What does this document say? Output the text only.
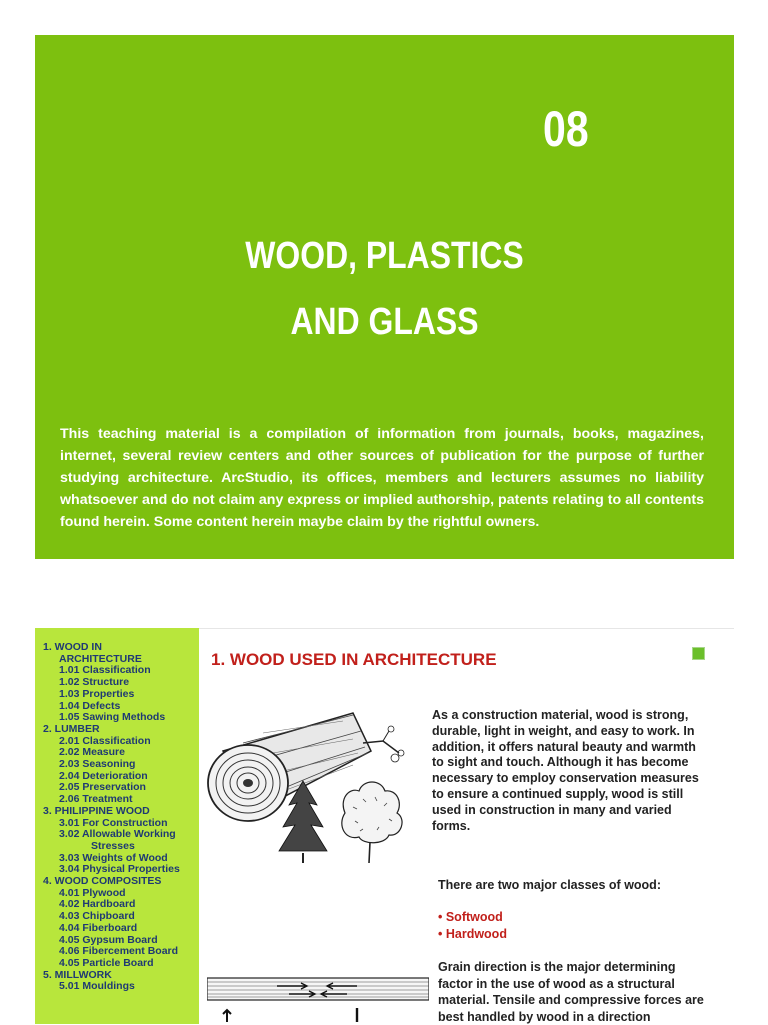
08
WOOD, PLASTICS
AND GLASS
This teaching material is a compilation of information from journals, books, magazines, internet, several review centers and other sources of publication for the purpose of further studying architecture. ArcStudio, its offices, members and lecturers assumes no liability whatsoever and do not claim any express or implied authorship, patents relating to all contents found herein. Some content herein maybe claim by the rightful owners.
1. WOOD IN
ARCHITECTURE
1.01 Classification
1.02 Structure
1.03 Properties
1.04 Defects
1.05 Sawing Methods
2. LUMBER
2.01 Classification
2.02 Measure
2.03 Seasoning
2.04 Deterioration
2.05 Preservation
2.06 Treatment
3. PHILIPPINE WOOD
3.01 For Construction
3.02 Allowable Working
Stresses
3.03 Weights of Wood
3.04 Physical Properties
4. WOOD COMPOSITES
4.01 Plywood
4.02 Hardboard
4.03 Chipboard
4.04 Fiberboard
4.05 Gypsum Board
4.06 Fibercement Board
4.05 Particle Board
5. MILLWORK
5.01 Mouldings
1. WOOD USED IN ARCHITECTURE
As a construction material, wood is strong, durable, light in weight, and easy to work. In addition, it offers natural beauty and warmth to sight and touch. Although it has become necessary to employ conservation measures to ensure a continued supply, wood is still used in construction in many and varied forms.
There are two major classes of wood:
• Softwood
• Hardwood
Grain direction is the major determining factor in the use of wood as a structural material. Tensile and compressive forces are best handled by wood in a direction
